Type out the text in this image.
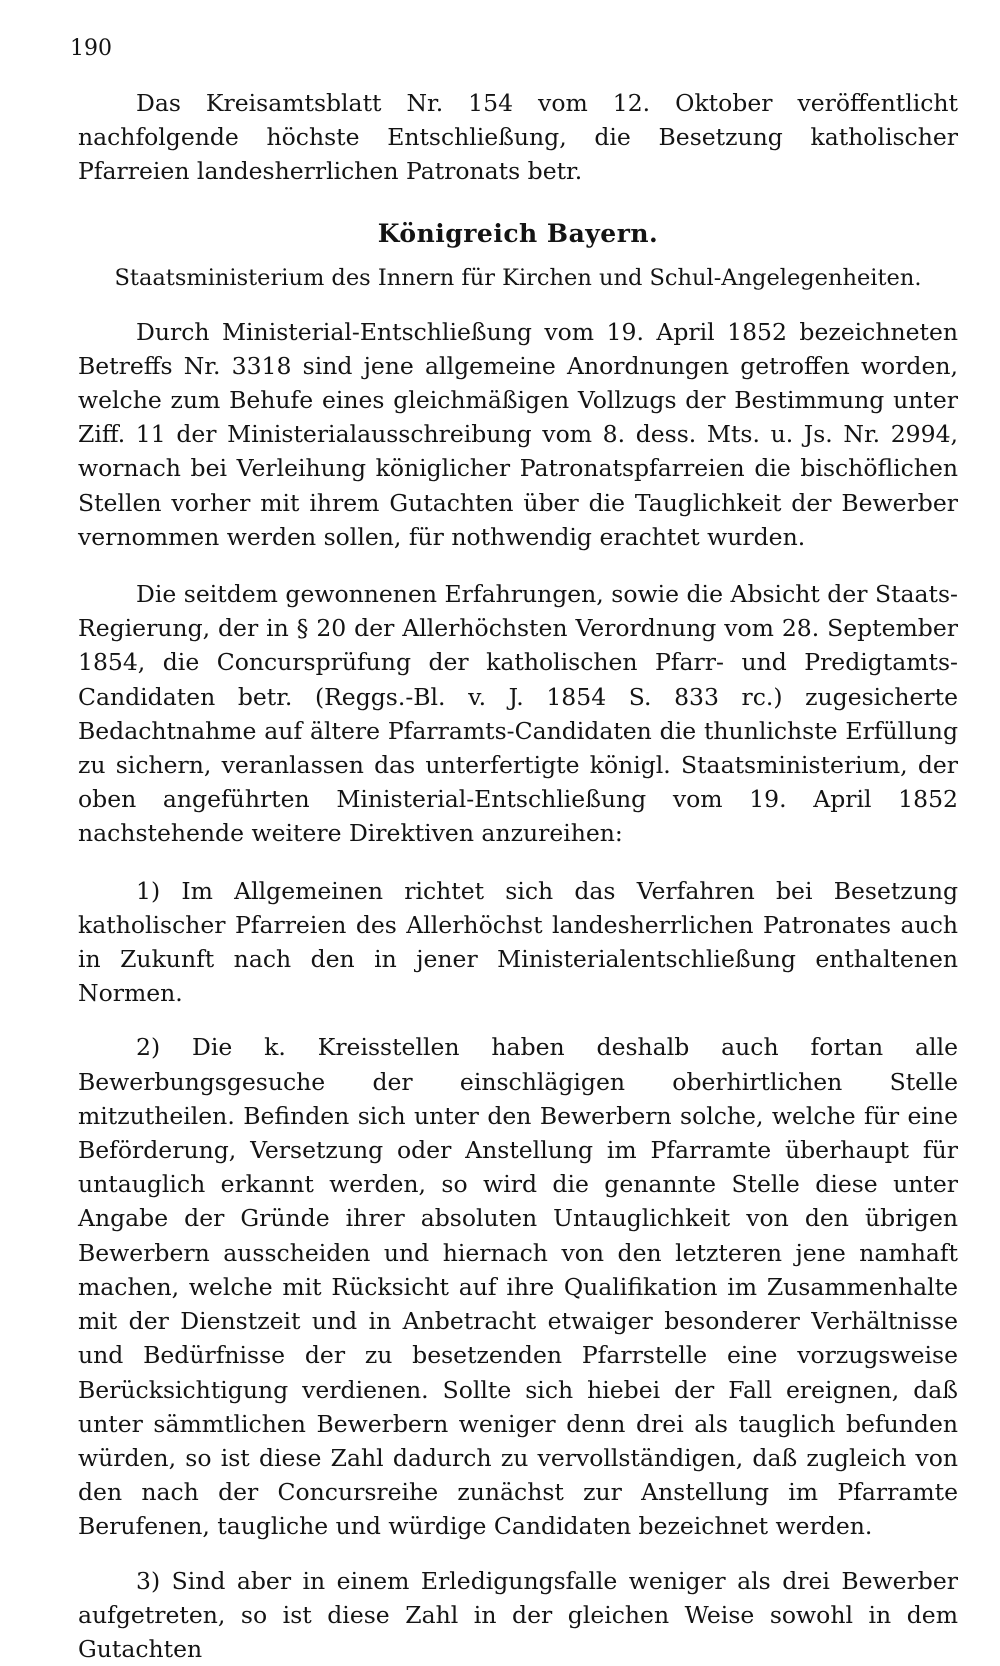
190

Das Kreisamtsblatt Nr. 154 vom 12. Oktober veröffentlicht nachfolgende höchste Entschließung, die Besetzung katholischer Pfarreien landesherrlichen Patronats betr.

Königreich Bayern.
Staatsministerium des Innern für Kirchen und Schul-Angelegenheiten.

Durch Ministerial-Entschließung vom 19. April 1852 bezeichneten Betreffs Nr. 3318 sind jene allgemeine Anordnungen getroffen worden, welche zum Behufe eines gleichmäßigen Vollzugs der Bestimmung unter Ziff. 11 der Ministerialausschreibung vom 8. dess. Mts. u. Js. Nr. 2994, wornach bei Verleihung königlicher Patronatspfarreien die bischöflichen Stellen vorher mit ihrem Gutachten über die Tauglichkeit der Bewerber vernommen werden sollen, für nothwendig erachtet wurden.

Die seitdem gewonnenen Erfahrungen, sowie die Absicht der Staats-Regierung, der in § 20 der Allerhöchsten Verordnung vom 28. September 1854, die Concursprüfung der katholischen Pfarr- und Predigtamts-Candidaten betr. (Reggs.-Bl. v. J. 1854 S. 833 rc.) zugesicherte Bedachtnahme auf ältere Pfarramts-Candidaten die thunlichste Erfüllung zu sichern, veranlassen das unterfertigte königl. Staatsministerium, der oben angeführten Ministerial-Entschließung vom 19. April 1852 nachstehende weitere Direktiven anzureihen:

1) Im Allgemeinen richtet sich das Verfahren bei Besetzung katholischer Pfarreien des Allerhöchst landesherrlichen Patronates auch in Zukunft nach den in jener Ministerialentschließung enthaltenen Normen.

2) Die k. Kreisstellen haben deshalb auch fortan alle Bewerbungsgesuche der einschlägigen oberhirtlichen Stelle mitzutheilen. Befinden sich unter den Bewerbern solche, welche für eine Beförderung, Versetzung oder Anstellung im Pfarramte überhaupt für untauglich erkannt werden, so wird die genannte Stelle diese unter Angabe der Gründe ihrer absoluten Untauglichkeit von den übrigen Bewerbern ausscheiden und hiernach von den letzteren jene namhaft machen, welche mit Rücksicht auf ihre Qualifikation im Zusammenhalte mit der Dienstzeit und in Anbetracht etwaiger besonderer Verhältnisse und Bedürfnisse der zu besetzenden Pfarrstelle eine vorzugsweise Berücksichtigung verdienen. Sollte sich hiebei der Fall ereignen, daß unter sämmtlichen Bewerbern weniger denn drei als tauglich befunden würden, so ist diese Zahl dadurch zu vervollständigen, daß zugleich von den nach der Concursreihe zunächst zur Anstellung im Pfarramte Berufenen, taugliche und würdige Candidaten bezeichnet werden.

3) Sind aber in einem Erledigungsfalle weniger als drei Bewerber aufgetreten, so ist diese Zahl in der gleichen Weise sowohl in dem Gutachten
